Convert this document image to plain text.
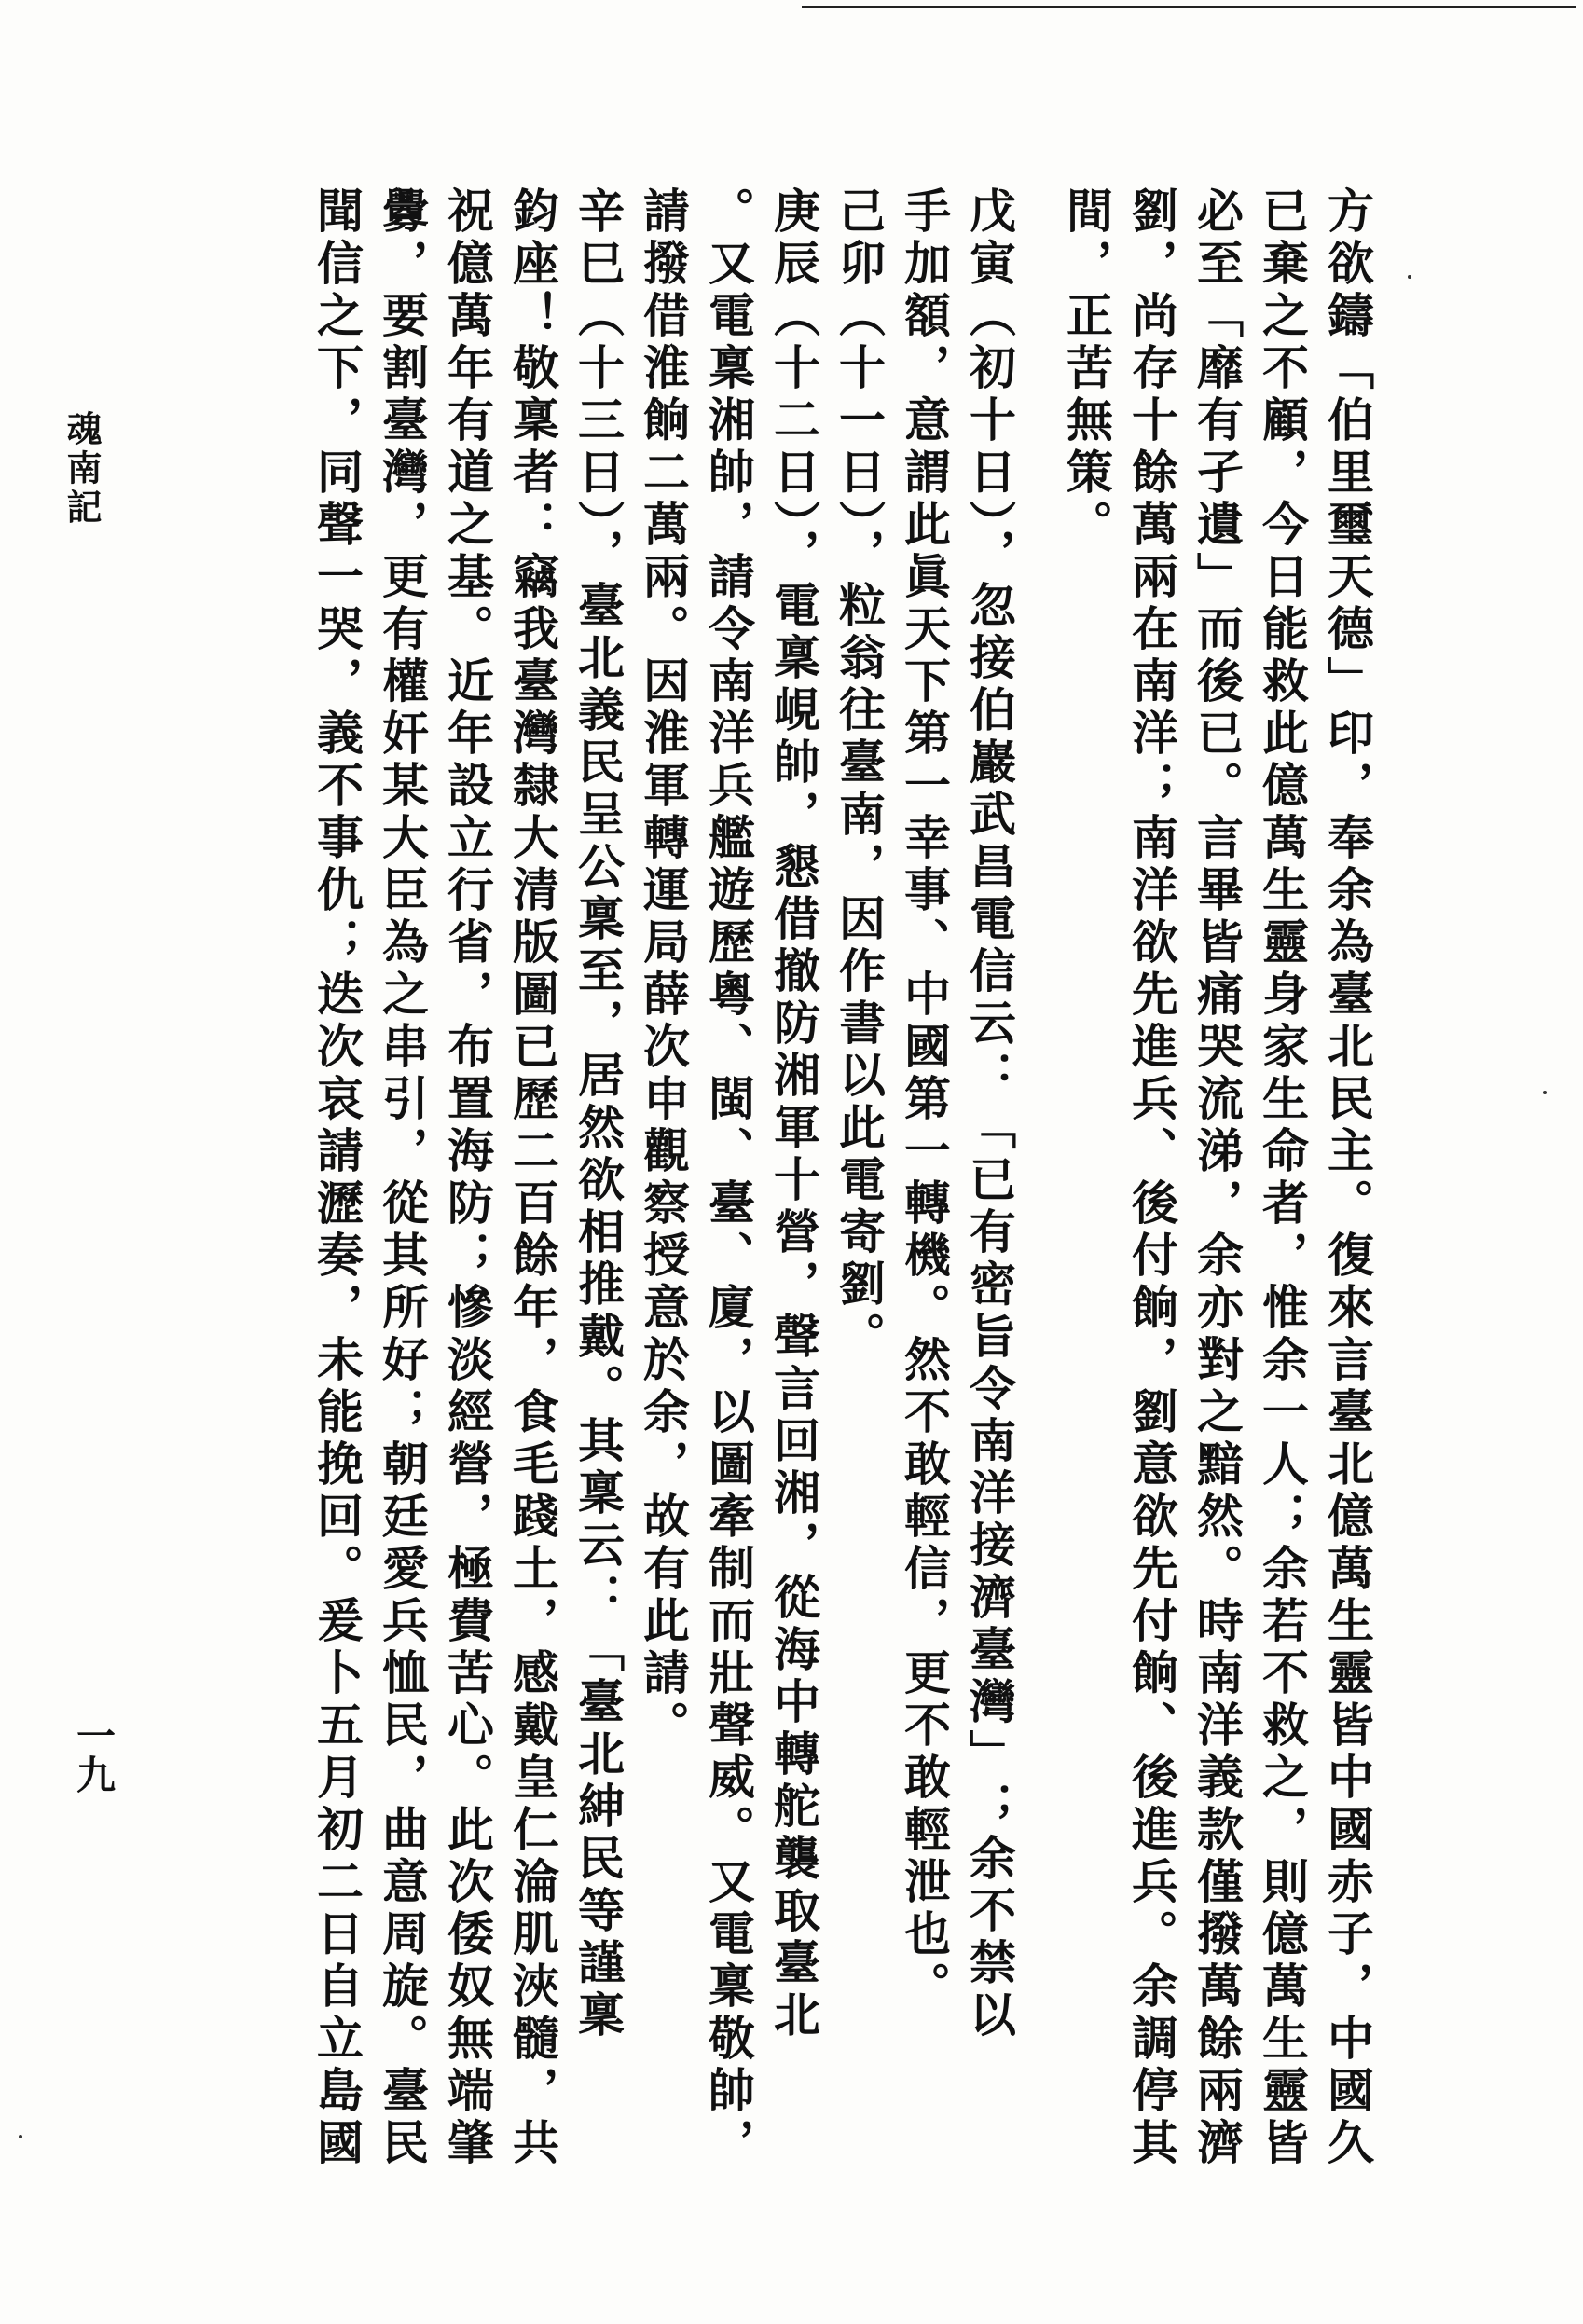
方欲鑄「伯里璽天德」印，奉余為臺北民主。復來言臺北億萬生靈皆中國赤子，中國久
已棄之不顧，今日能救此億萬生靈身家生命者，惟余一人；余若不救之，則億萬生靈皆
必至「靡有孑遺」而後已。言畢皆痛哭流涕，余亦對之黯然。時南洋義款僅撥萬餘兩濟
劉，尚存十餘萬兩在南洋；南洋欲先進兵、後付餉，劉意欲先付餉、後進兵。余調停其
間，正苦無策。
戊寅（初十日），忽接伯巖武昌電信云：「已有密旨令南洋接濟臺灣」；余不禁以
手加額，意謂此眞天下第一幸事、中國第一轉機。然不敢輕信，更不敢輕泄也。
己卯（十一日），粒翁往臺南，因作書以此電寄劉。
庚辰（十二日），電稟峴帥，懇借撤防湘軍十營，聲言回湘，從海中轉舵襲取臺北
。又電稟湘帥，請令南洋兵艦遊歷粵、閩、臺、廈，以圖牽制而壯聲威。又電稟敬帥，
請撥借淮餉二萬兩。因淮軍轉運局薛次申觀察授意於余，故有此請。
辛巳（十三日），臺北義民呈公稟至，居然欲相推戴。其稟云：「臺北紳民等謹稟
鈞座！敬稟者：竊我臺灣隸大清版圖已歷二百餘年，食毛踐土，感戴皇仁淪肌浹髓，共
祝億萬年有道之基。近年設立行省，布置海防；慘淡經營，極費苦心。此次倭奴無端肇
釁，要割臺灣，更有權奸某大臣為之串引，從其所好；朝廷愛兵恤民，曲意周旋。臺民
聞信之下，同聲一哭，義不事仇；迭次哀請瀝奏，未能挽回。爰卜五月初二日自立島國
魂南記
一九
